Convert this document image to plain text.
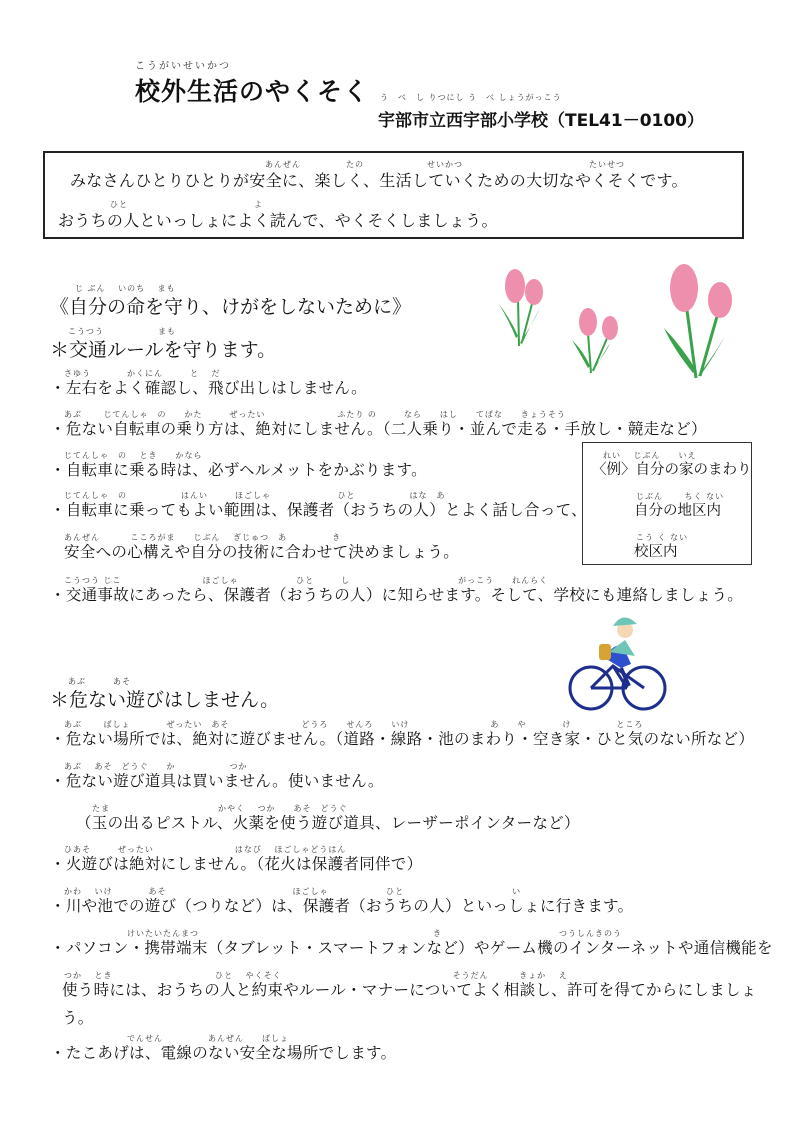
こうがいせいかつ
校外生活のやくそく う　べ　し りつにし う　べ しょうがっこう
宇部市立西宇部小学校（TEL41－0100）
あんぜん　　　　　たの　　　　　　　せいかつ　　　　　　　　　　　　　　たいせつ
みなさんひとりひとりが安全に、楽しく、生活していくための大切なやくそくです。
ひと　　　　　　　　　　　　　　よ
おうちの人といっしょによく読んで、やくそくしましょう。
じ ぶん　 いのち　 まも
《自分の命を守り、けがをしないために》
こうつう　　　　　　まも
＊交通ルールを守ります。
さゆう　　　　かくにん　　　と　 だ
・左右をよく確認し、飛び出しはしません。
あぶ　　 じてんしゃ　の　　かた　　　ぜったい　　　　　　　　ふたり の　　　なら　　はし　　てばな　　きょうそう
・危ない自転車の乗り方は、絶対にしません。（二人乗り・並んで走る・手放し・競走など）
じてんしゃ　の　 とき　　かなら
・自転車に乗る時は、必ずヘルメットをかぶります。
じてんしゃ　の　　　　　　はんい　　　ほごしゃ　　　　　　　 ひと　　　　　　はな　あ
・自転車に乗ってもよい範囲は、保護者（おうちの人）とよく話し合って、
あんぜん　　　 こころがま　　じぶん　 ぎじゅつ　あ　　　　　き
安全への心構えや自分の技術に合わせて決めましょう。
こうつう じこ　　　　　　　　　ほごしゃ　　　　　　 ひと　　　し　　　　　　　　　　　　がっこう　　れんらく
・交通事故にあったら、保護者（おうちの人）に知らせます。そして、学校にも連絡しましょう。
れい　 じぶん　　いえ
〈例〉自分の家のまわり
じぶん　　 ちく ない
自分の地区内
こう く ない
校区内
あぶ　　　あそ
＊危ない遊びはしません。
あぶ　　 ばしょ　　　　ぜったい　あそ　　　　　　　　どうろ　　せんろ　　いけ　　　　　　　　　あ　　や　　　　け　　　　　ところ
・危ない場所では、絶対に遊びません。（道路・線路・池のまわり・空き家・ひと気のない所など）
あぶ　 あそ　どうぐ　　か　　　　　　つか
・危ない遊び道具は買いません。使いません。
たま　　　　　　　　　　　　かやく　 つか　　あそ　どうぐ
（玉の出るピストル、火薬を使う遊び道具、レーザーポインターなど）
ひあそ　　　ぜったい　　　　　　　　　はなび　 ほごしゃどうはん
・火遊びは絶対にしません。（花火は保護者同伴で）
かわ　 いけ　　　　あそ　　　　　　　　　　　　　　ほごしゃ　　　　　　 ひと　　　　　　　　　　　　い
・川や池での遊び（つりなど）は、保護者（おうちの人）といっしょに行きます。
　　　　　　　けいたいたんまつ　　　　　　　　　　　　　　　　　　　　　　　　　　き　　　　　　　　　　　　　つうしんきのう
・パソコン・携帯端末（タブレット・スマートフォンなど）やゲーム機のインターネットや通信機能を
つか　 とき　　　　　　　　　　　 ひと　 やくそく　　　　　　　　　　　　　　　　　　　そうだん　　　 きょか　 え
使う時には、おうちの人と約束やルール・マナーについてよく相談し、許可を得てからにしましょ
う。
　　　　　　　でんせん　　　　　あんぜん　　ばしょ
・たこあげは、電線のない安全な場所でします。
